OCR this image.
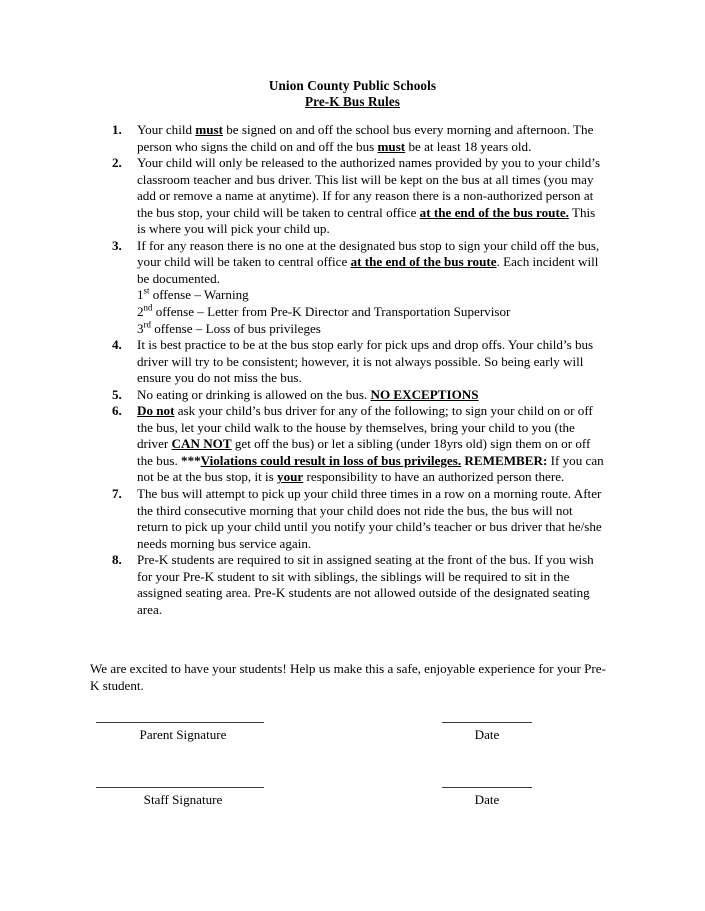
Union County Public Schools
Pre-K Bus Rules
1.	Your child must be signed on and off the school bus every morning and afternoon. The person who signs the child on and off the bus must be at least 18 years old.
2.	Your child will only be released to the authorized names provided by you to your child’s classroom teacher and bus driver. This list will be kept on the bus at all times (you may add or remove a name at anytime). If for any reason there is a non-authorized person at the bus stop, your child will be taken to central office at the end of the bus route. This is where you will pick your child up.
3.	If for any reason there is no one at the designated bus stop to sign your child off the bus, your child will be taken to central office at the end of the bus route. Each incident will be documented.
1st offense – Warning
2nd offense – Letter from Pre-K Director and Transportation Supervisor
3rd offense – Loss of bus privileges
4.	It is best practice to be at the bus stop early for pick ups and drop offs. Your child’s bus driver will try to be consistent; however, it is not always possible. So being early will ensure you do not miss the bus.
5.	No eating or drinking is allowed on the bus. NO EXCEPTIONS
6.	Do not ask your child’s bus driver for any of the following; to sign your child on or off the bus, let your child walk to the house by themselves, bring your child to you (the driver CAN NOT get off the bus) or let a sibling (under 18yrs old) sign them on or off the bus. ***Violations could result in loss of bus privileges. REMEMBER: If you can not be at the bus stop, it is your responsibility to have an authorized person there.
7.	The bus will attempt to pick up your child three times in a row on a morning route. After the third consecutive morning that your child does not ride the bus, the bus will not return to pick up your child until you notify your child’s teacher or bus driver that he/she needs morning bus service again.
8.	Pre-K students are required to sit in assigned seating at the front of the bus. If you wish for your Pre-K student to sit with siblings, the siblings will be required to sit in the assigned seating area. Pre-K students are not allowed outside of the designated seating area.
We are excited to have your students! Help us make this a safe, enjoyable experience for your Pre-K student.
Parent Signature	Date
Staff Signature	Date
